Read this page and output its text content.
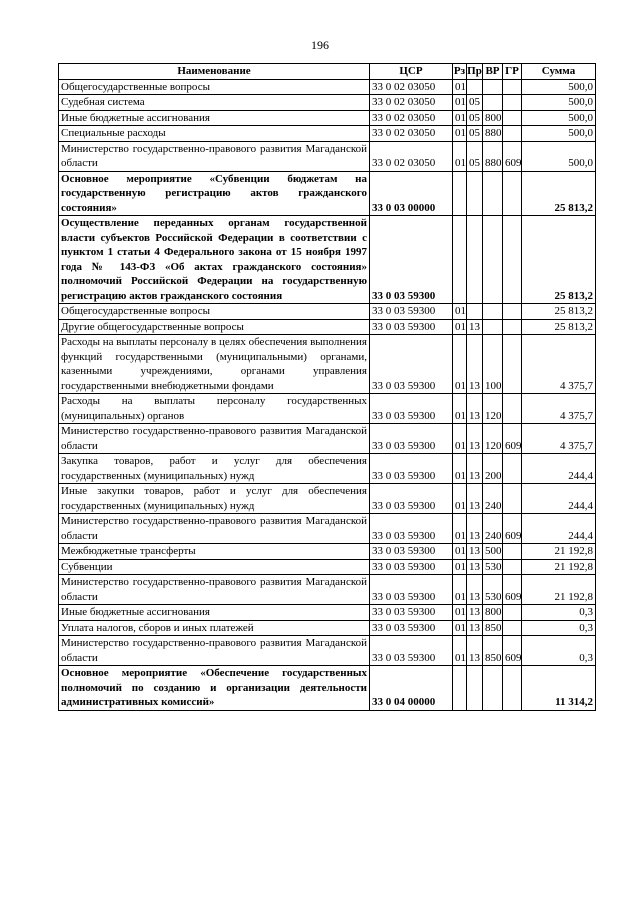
196
Наименование	ЦСР	Рз	Пр	ВР	ГР	Сумма
Общегосударственные вопросы	33 0 02 03050	01				500,0
Судебная система	33 0 02 03050	01	05			500,0
Иные бюджетные ассигнования	33 0 02 03050	01	05	800		500,0
Специальные расходы	33 0 02 03050	01	05	880		500,0
Министерство государственно-правового развития Магаданской области	33 0 02 03050	01	05	880	609	500,0
Основное мероприятие «Субвенции бюджетам на государственную регистрацию актов гражданского состояния»	33 0 03 00000					25 813,2
Осуществление переданных органам государственной власти субъектов Российской Федерации в соответствии с пунктом 1 статьи 4 Федерального закона от 15 ноября 1997 года № 143-ФЗ «Об актах гражданского состояния» полномочий Российской Федерации на государственную регистрацию актов гражданского состояния	33 0 03 59300					25 813,2
Общегосударственные вопросы	33 0 03 59300	01				25 813,2
Другие общегосударственные вопросы	33 0 03 59300	01	13			25 813,2
Расходы на выплаты персоналу в целях обеспечения выполнения функций государственными (муниципальными) органами, казенными учреждениями, органами управления государственными внебюджетными фондами	33 0 03 59300	01	13	100		4 375,7
Расходы на выплаты персоналу государственных (муниципальных) органов	33 0 03 59300	01	13	120		4 375,7
Министерство государственно-правового развития Магаданской области	33 0 03 59300	01	13	120	609	4 375,7
Закупка товаров, работ и услуг для обеспечения государственных (муниципальных) нужд	33 0 03 59300	01	13	200		244,4
Иные закупки товаров, работ и услуг для обеспечения государственных (муниципальных) нужд	33 0 03 59300	01	13	240		244,4
Министерство государственно-правового развития Магаданской области	33 0 03 59300	01	13	240	609	244,4
Межбюджетные трансферты	33 0 03 59300	01	13	500		21 192,8
Субвенции	33 0 03 59300	01	13	530		21 192,8
Министерство государственно-правового развития Магаданской области	33 0 03 59300	01	13	530	609	21 192,8
Иные бюджетные ассигнования	33 0 03 59300	01	13	800		0,3
Уплата налогов, сборов и иных платежей	33 0 03 59300	01	13	850		0,3
Министерство государственно-правового развития Магаданской области	33 0 03 59300	01	13	850	609	0,3
Основное мероприятие «Обеспечение государственных полномочий по созданию и организации деятельности административных комиссий»	33 0 04 00000					11 314,2
